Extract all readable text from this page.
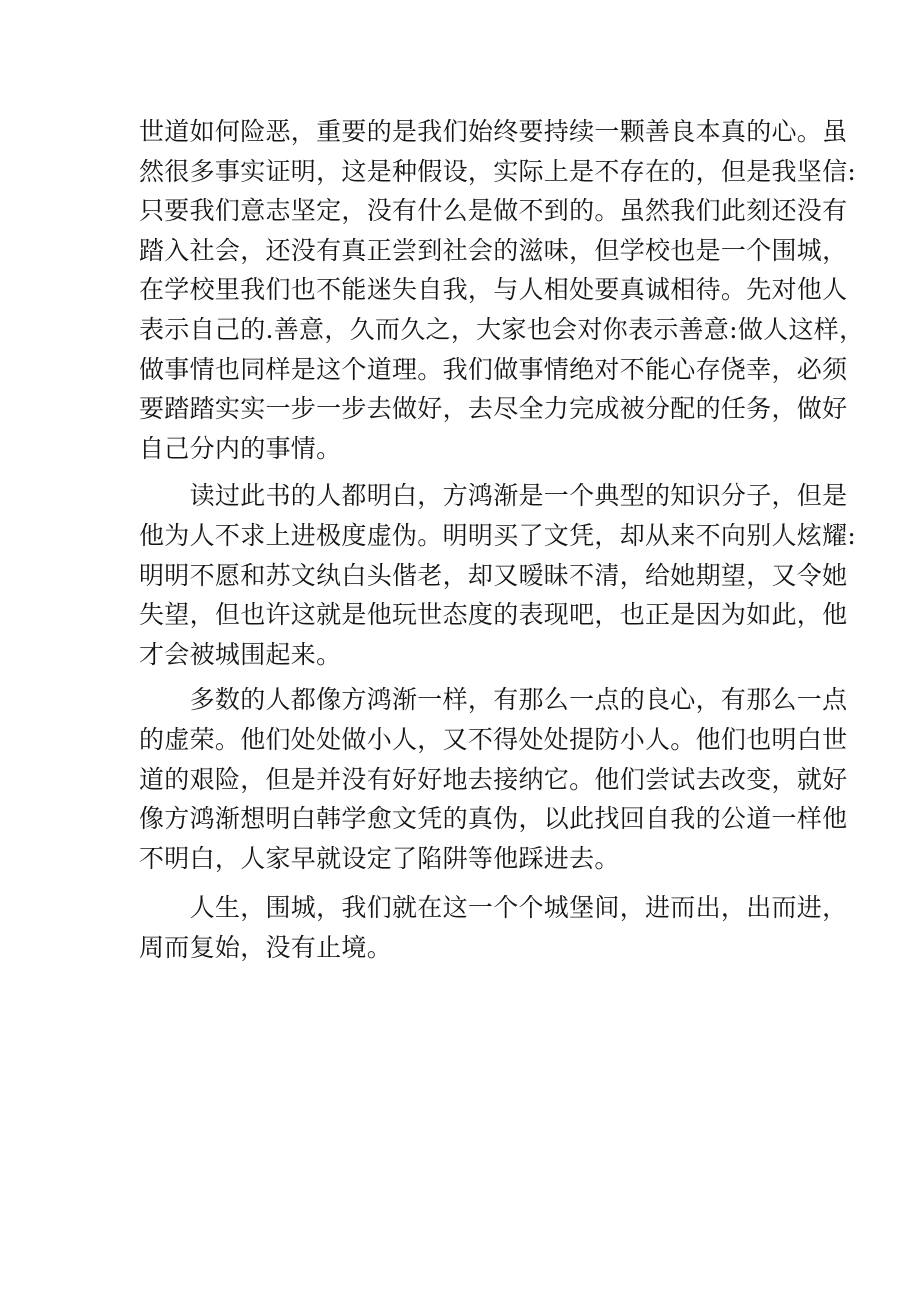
世道如何险恶，重要的是我们始终要持续一颗善良本真的心。虽
然很多事实证明，这是种假设，实际上是不存在的，但是我坚信:
只要我们意志坚定，没有什么是做不到的。虽然我们此刻还没有
踏入社会，还没有真正尝到社会的滋味，但学校也是一个围城，
在学校里我们也不能迷失自我，与人相处要真诚相待。先对他人
表示自己的.善意，久而久之，大家也会对你表示善意:做人这样，
做事情也同样是这个道理。我们做事情绝对不能心存侥幸，必须
要踏踏实实一步一步去做好，去尽全力完成被分配的任务，做好
自己分内的事情。

　　读过此书的人都明白，方鸿渐是一个典型的知识分子，但是
他为人不求上进极度虚伪。明明买了文凭，却从来不向别人炫耀:
明明不愿和苏文纨白头偕老，却又暧昧不清，给她期望，又令她
失望，但也许这就是他玩世态度的表现吧，也正是因为如此，他
才会被城围起来。

　　多数的人都像方鸿渐一样，有那么一点的良心，有那么一点
的虚荣。他们处处做小人，又不得处处提防小人。他们也明白世
道的艰险，但是并没有好好地去接纳它。他们尝试去改变，就好
像方鸿渐想明白韩学愈文凭的真伪，以此找回自我的公道一样他
不明白，人家早就设定了陷阱等他踩进去。

　　人生，围城，我们就在这一个个城堡间，进而出，出而进，
周而复始，没有止境。
